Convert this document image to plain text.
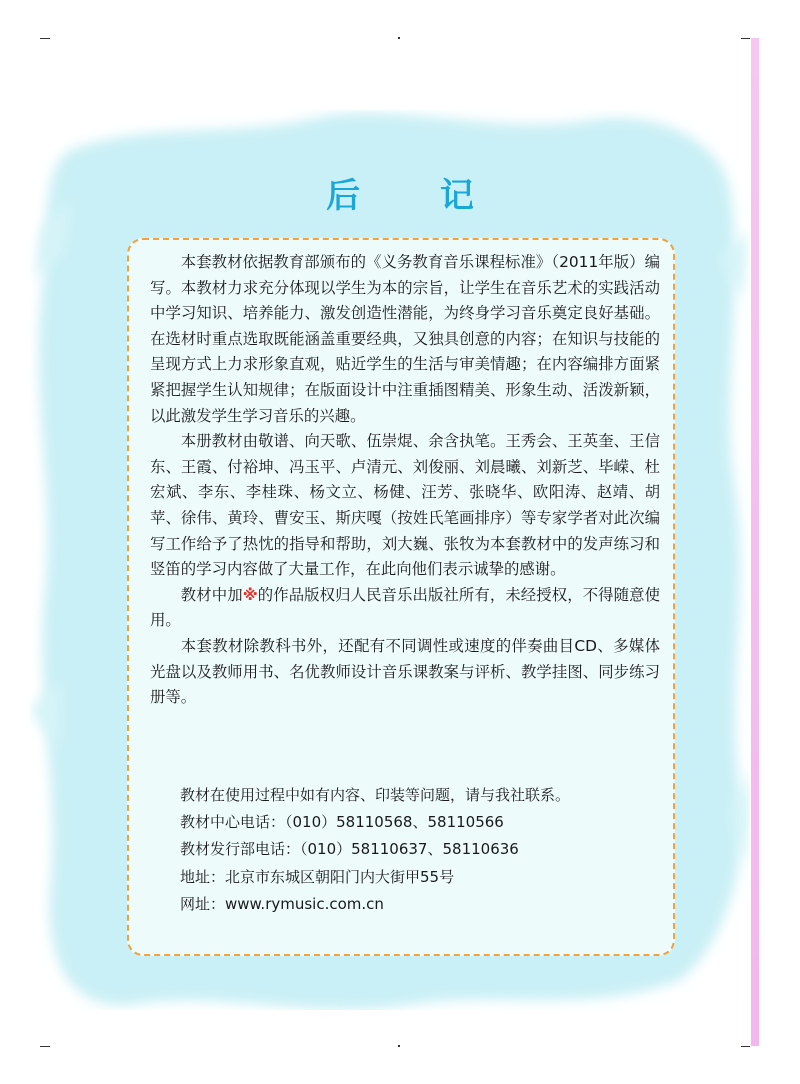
后 记

本套教材依据教育部颁布的《义务教育音乐课程标准》（2011年版）编写。本教材力求充分体现以学生为本的宗旨，让学生在音乐艺术的实践活动中学习知识、培养能力、激发创造性潜能，为终身学习音乐奠定良好基础。在选材时重点选取既能涵盖重要经典，又独具创意的内容；在知识与技能的呈现方式上力求形象直观，贴近学生的生活与审美情趣；在内容编排方面紧紧把握学生认知规律；在版面设计中注重插图精美、形象生动、活泼新颖，以此激发学生学习音乐的兴趣。

本册教材由敬谱、向天歌、伍崇焜、余含执笔。王秀会、王英奎、王信东、王霞、付裕坤、冯玉平、卢清元、刘俊丽、刘晨曦、刘新芝、毕嵘、杜宏斌、李东、李桂珠、杨文立、杨健、汪芳、张晓华、欧阳涛、赵靖、胡苹、徐伟、黄玲、曹安玉、斯庆嘎（按姓氏笔画排序）等专家学者对此次编写工作给予了热忱的指导和帮助，刘大巍、张牧为本套教材中的发声练习和竖笛的学习内容做了大量工作，在此向他们表示诚挚的感谢。

教材中加※的作品版权归人民音乐出版社所有，未经授权，不得随意使用。

本套教材除教科书外，还配有不同调性或速度的伴奏曲目CD、多媒体光盘以及教师用书、名优教师设计音乐课教案与评析、教学挂图、同步练习册等。

教材在使用过程中如有内容、印装等问题，请与我社联系。
教材中心电话：（010）58110568、58110566
教材发行部电话：（010）58110637、58110636
地址：北京市东城区朝阳门内大街甲55号
网址：www.rymusic.com.cn
